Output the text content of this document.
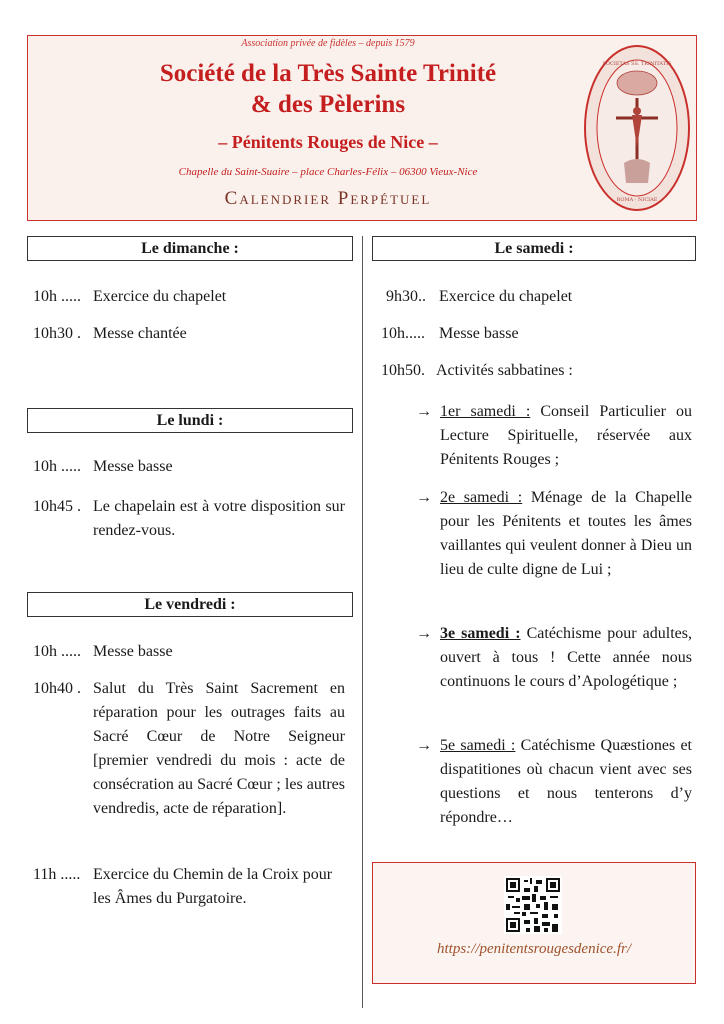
Association privée de fidèles – depuis 1579
Société de la Très Sainte Trinité
& des Pèlerins
– Pénitents Rouges de Nice –
Chapelle du Saint-Suaire – place Charles-Félix – 06300 Vieux-Nice
Calendrier Perpétuel
SOCIETAS SS. TRINITATIS
ROMA · NICIAE
Le dimanche :
10h ..... Exercice du chapelet
10h30 . Messe chantée
Le lundi :
10h ..... Messe basse
10h45 . Le chapelain est à votre disposition sur rendez-vous.
Le vendredi :
10h ..... Messe basse
10h40 . Salut du Très Saint Sacrement en réparation pour les outrages faits au Sacré Cœur de Notre Seigneur [premier vendredi du mois : acte de consécration au Sacré Cœur ; les autres vendredis, acte de réparation].
11h ..... Exercice du Chemin de la Croix pour les Âmes du Purgatoire.
Le samedi :
9h30.. Exercice du chapelet
10h..... Messe basse
10h50. Activités sabbatines :
→ 1er samedi : Conseil Particulier ou Lecture Spirituelle, réservée aux Pénitents Rouges ;
→ 2e samedi : Ménage de la Chapelle pour les Pénitents et toutes les âmes vaillantes qui veulent donner à Dieu un lieu de culte digne de Lui ;
→ 3e samedi : Catéchisme pour adultes, ouvert à tous ! Cette année nous continuons le cours d’Apologétique ;
→ 5e samedi : Catéchisme Quæstiones et dispatitiones où chacun vient avec ses questions et nous tenterons d’y répondre…
https://penitentsrougesdenice.fr/
